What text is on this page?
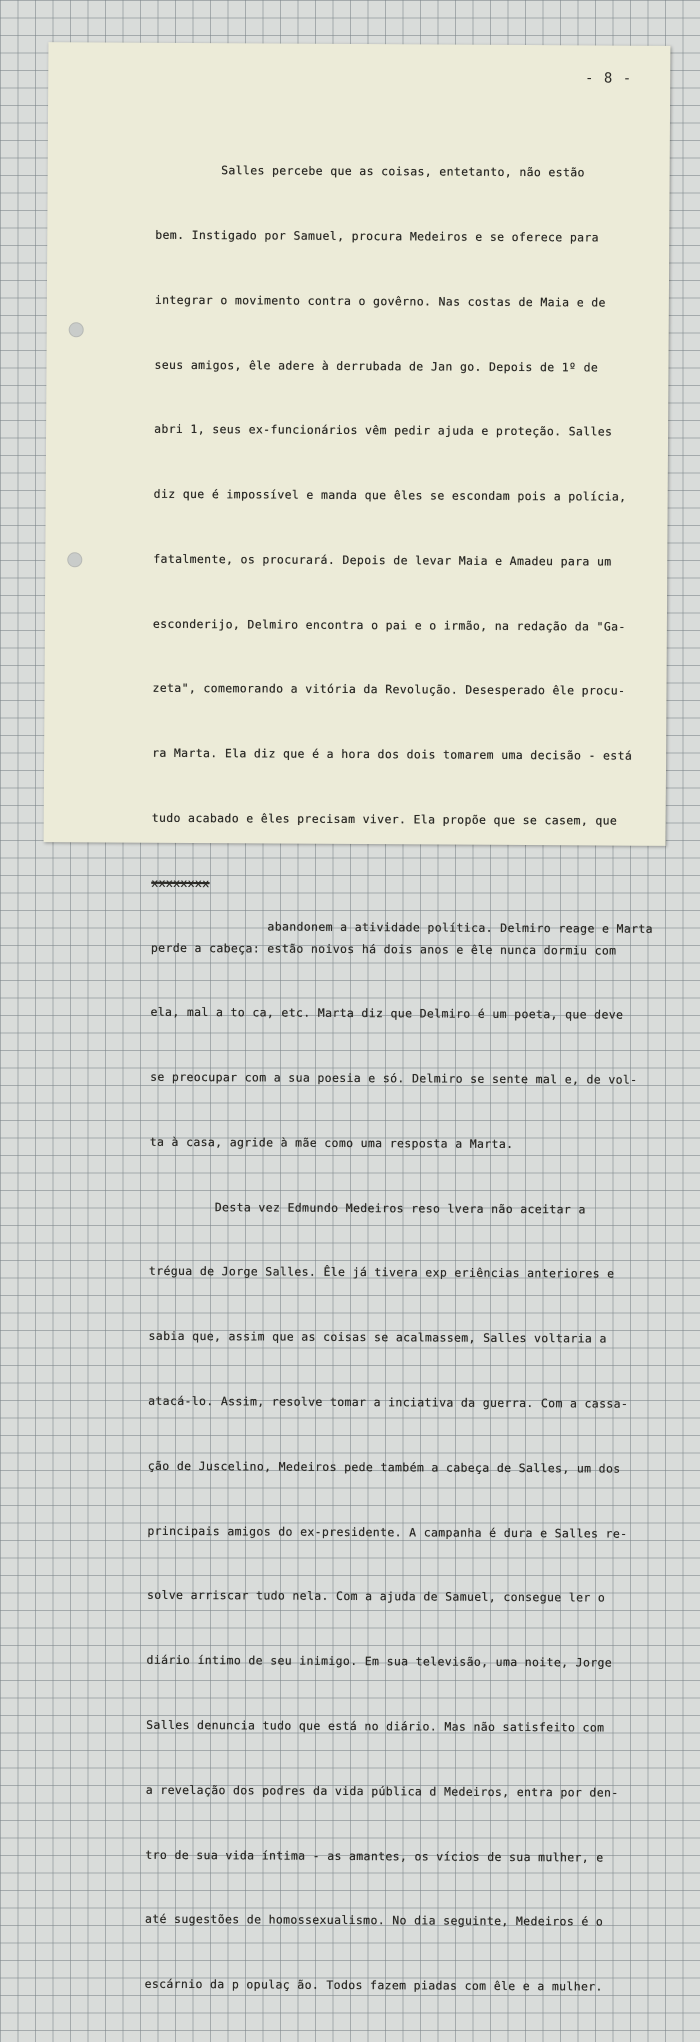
- 8 -

Salles percebe que as coisas, entetanto, não estão

bem. Instigado por Samuel, procura Medeiros e se oferece para

integrar o movimento contra o govêrno. Nas costas de Maia e de

seus amigos, êle adere à derrubada de Jan go. Depois de 1º de

abri 1, seus ex-funcionários vêm pedir ajuda e proteção. Salles

diz que é impossível e manda que êles se escondam pois a polícia,

fatalmente, os procurará. Depois de levar Maia e Amadeu para um

esconderijo, Delmiro encontra o pai e o irmão, na redação da "Ga-

zeta", comemorando a vitória da Revolução. Desesperado êle procu-

ra Marta. Ela diz que é a hora dos dois tomarem uma decisão - está

tudo acabado e êles precisam viver. Ela propõe que se casem, que

xxxxxxxx

abandonem a atividade política. Delmiro reage e Marta

perde a cabeça: estão noivos há dois anos e êle nunca dormiu com

ela, mal a to ca, etc. Marta diz que Delmiro é um poeta, que deve

se preocupar com a sua poesia e só. Delmiro se sente mal e, de vol-

ta à casa, agride à mãe como uma resposta a Marta.

Desta vez Edmundo Medeiros reso lvera não aceitar a

trégua de Jorge Salles. Êle já tivera exp eriências anteriores e

sabia que, assim que as coisas se acalmassem, Salles voltaria a

atacá-lo. Assim, resolve tomar a inciativa da guerra. Com a cassa-

ção de Juscelino, Medeiros pede também a cabeça de Salles, um dos

principais amigos do ex-presidente. A campanha é dura e Salles re-

solve arriscar tudo nela. Com a ajuda de Samuel, consegue ler o

diário íntimo de seu inimigo. Em sua televisão, uma noite, Jorge

Salles denuncia tudo que está no diário. Mas não satisfeito com

a revelação dos podres da vida pública d Medeiros, entra por den-

tro de sua vida íntima - as amantes, os vícios de sua mulher, e

até sugestões de homossexualismo. No dia seguinte, Medeiros é o

escárnio da p opulaç ão. Todos fazem piadas com êle e a mulher.
